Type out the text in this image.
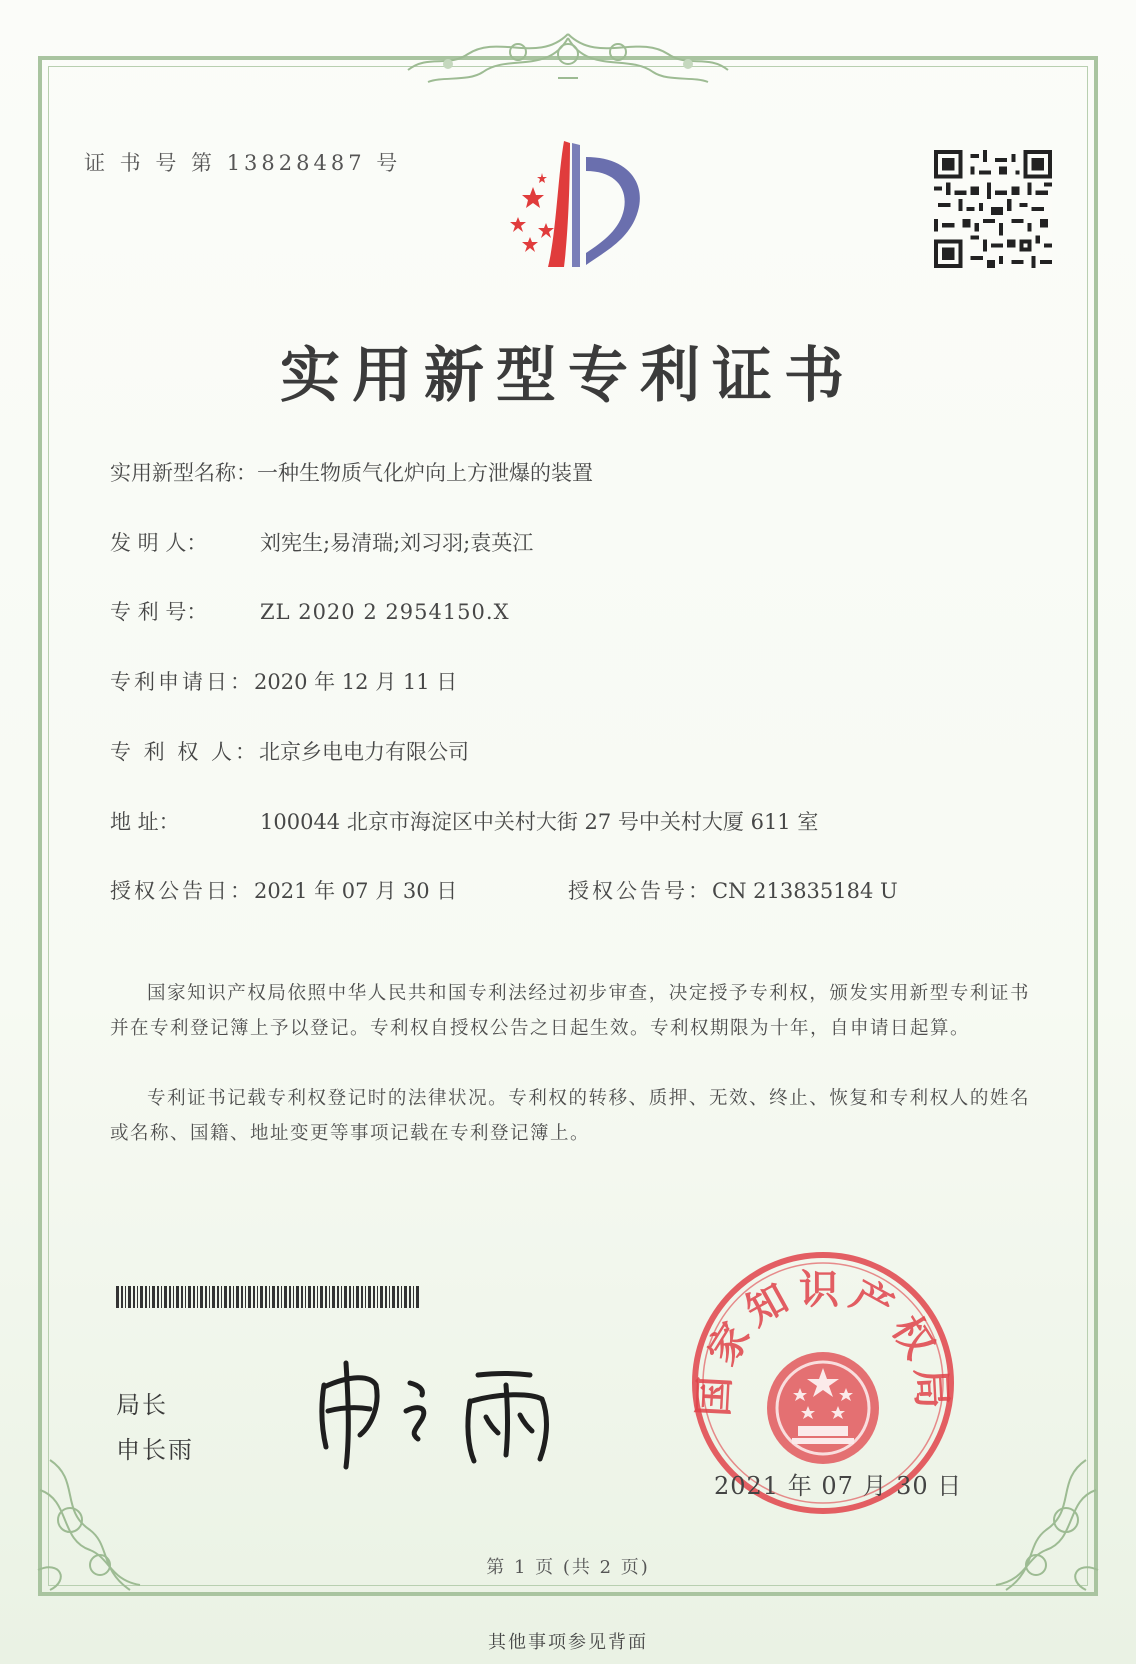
证 书 号 第 13828487 号
实用新型专利证书
实用新型名称：一种生物质气化炉向上方泄爆的装置
发 明 人：	刘宪生;易清瑞;刘习羽;袁英江
专 利 号：	ZL 2020 2 2954150.X
专利申请日：2020 年 12 月 11 日
专 利 权 人：北京乡电电力有限公司
地 址：	100044 北京市海淀区中关村大街 27 号中关村大厦 611 室
授权公告日：2021 年 07 月 30 日	授权公告号：CN 213835184 U
国家知识产权局依照中华人民共和国专利法经过初步审查，决定授予专利权，颁发实用新型专利证书并在专利登记簿上予以登记。专利权自授权公告之日起生效。专利权期限为十年，自申请日起算。
专利证书记载专利权登记时的法律状况。专利权的转移、质押、无效、终止、恢复和专利权人的姓名或名称、国籍、地址变更等事项记载在专利登记簿上。
局长
申长雨
国家知识产权局
2021 年 07 月 30 日
第 1 页 (共 2 页)
其他事项参见背面
